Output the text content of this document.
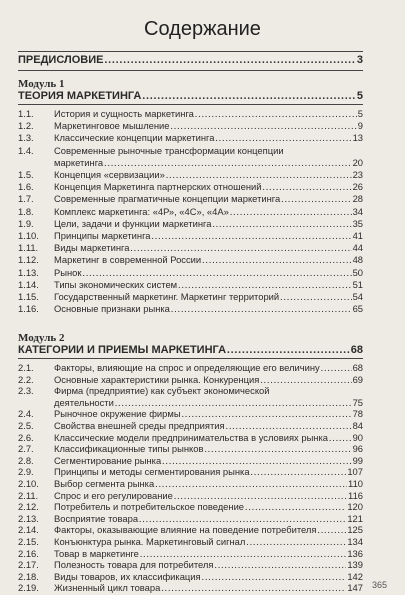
Содержание
ПРЕДИСЛОВИЕ .....	3
Модуль 1
ТЕОРИЯ МАРКЕТИНГА .....	5
1.1.	История и сущность маркетинга .....	5
1.2.	Маркетинговое мышление .....	9
1.3.	Классические концепции маркетинга .....	13
1.4.	Современные рыночные трансформации концепции
маркетинга .....	20
1.5.	Концепция «сервизации» .....	23
1.6.	Концепция Маркетинга партнерских отношений .....	26
1.7.	Современные прагматичные концепции маркетинга .....	28
1.8.	Комплекс маркетинга: «4Р», «4С», «4А» .....	34
1.9.	Цели, задачи и функции маркетинга .....	35
1.10.	Принципы маркетинга .....	41
1.11.	Виды маркетинга .....	44
1.12.	Маркетинг в современной России .....	48
1.13.	Рынок .....	50
1.14.	Типы экономических систем .....	51
1.15.	Государственный маркетинг. Маркетинг территорий .....	54
1.16.	Основные признаки рынка .....	65
Модуль 2
КАТЕГОРИИ И ПРИЕМЫ МАРКЕТИНГА .....	68
2.1.	Факторы, влияющие на спрос и определяющие его величину .....	68
2.2.	Основные характеристики рынка. Конкуренция .....	69
2.3.	Фирма (предприятие) как субъект экономической
деятельности .....	75
2.4.	Рыночное окружение фирмы .....	78
2.5.	Свойства внешней среды предприятия .....	84
2.6.	Классические модели предпринимательства в условиях рынка .....	90
2.7.	Классификационные типы рынков .....	96
2.8.	Сегментирование рынка .....	99
2.9.	Принципы и методы сегментирования рынка .....	107
2.10.	Выбор сегмента рынка .....	110
2.11.	Спрос и его регулирование .....	116
2.12.	Потребитель и потребительское поведение .....	120
2.13.	Восприятие товара .....	121
2.14.	Факторы, оказывающие влияние на поведение потребителя .....	125
2.15.	Конъюнктура рынка. Маркетинговый сигнал .....	134
2.16.	Товар в маркетинге .....	136
2.17.	Полезность товара для потребителя .....	139
2.18.	Виды товаров, их классификация .....	142
2.19.	Жизненный цикл товара .....	147 365
